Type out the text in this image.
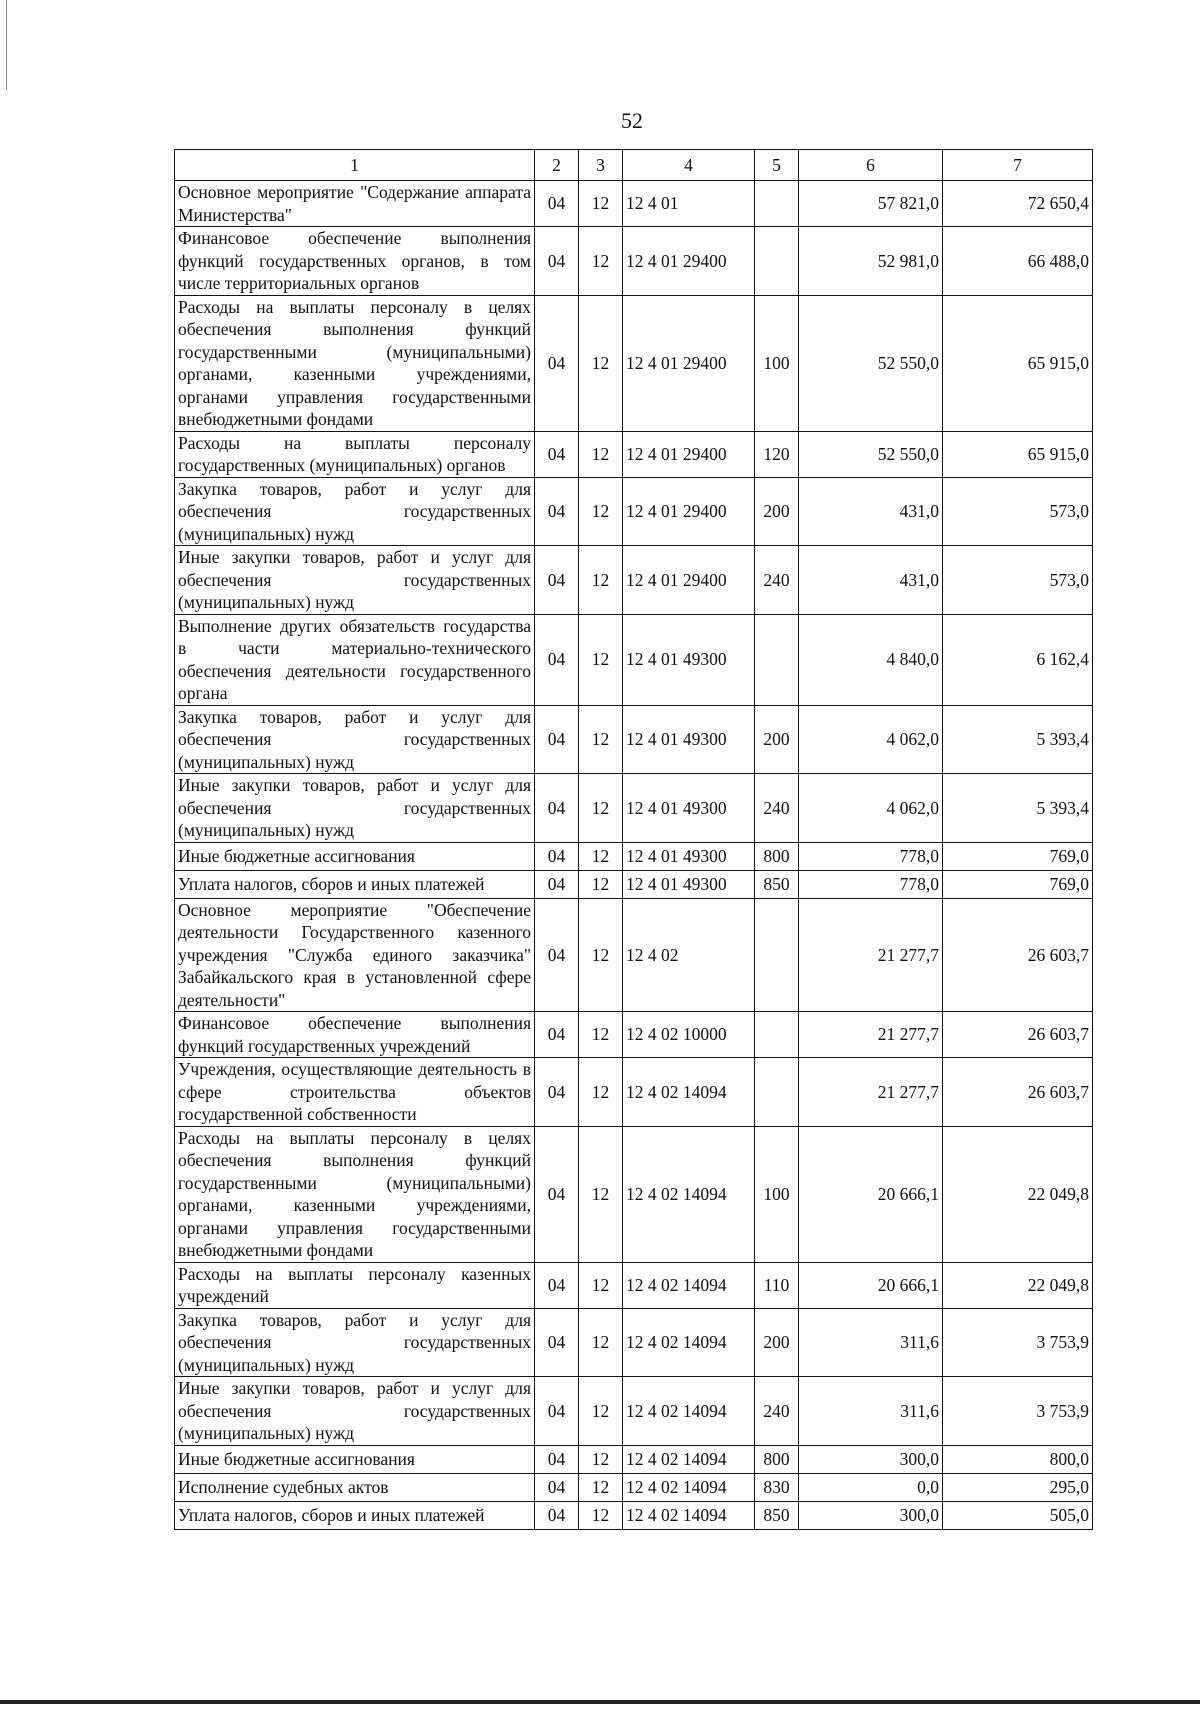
52
1	2	3	4	5	6	7
Основное мероприятие "Содержание аппарата Министерства"	04	12	12 4 01		57 821,0	72 650,4
Финансовое обеспечение выполнения функций государственных органов, в том числе территориальных органов	04	12	12 4 01 29400		52 981,0	66 488,0
Расходы на выплаты персоналу в целях обеспечения выполнения функций государственными (муниципальными) органами, казенными учреждениями, органами управления государственными внебюджетными фондами	04	12	12 4 01 29400	100	52 550,0	65 915,0
Расходы на выплаты персоналу государственных (муниципальных) органов	04	12	12 4 01 29400	120	52 550,0	65 915,0
Закупка товаров, работ и услуг для обеспечения государственных (муниципальных) нужд	04	12	12 4 01 29400	200	431,0	573,0
Иные закупки товаров, работ и услуг для обеспечения государственных (муниципальных) нужд	04	12	12 4 01 29400	240	431,0	573,0
Выполнение других обязательств государства в части материально-технического обеспечения деятельности государственного органа	04	12	12 4 01 49300		4 840,0	6 162,4
Закупка товаров, работ и услуг для обеспечения государственных (муниципальных) нужд	04	12	12 4 01 49300	200	4 062,0	5 393,4
Иные закупки товаров, работ и услуг для обеспечения государственных (муниципальных) нужд	04	12	12 4 01 49300	240	4 062,0	5 393,4
Иные бюджетные ассигнования	04	12	12 4 01 49300	800	778,0	769,0
Уплата налогов, сборов и иных платежей	04	12	12 4 01 49300	850	778,0	769,0
Основное мероприятие "Обеспечение деятельности Государственного казенного учреждения "Служба единого заказчика" Забайкальского края в установленной сфере деятельности"	04	12	12 4 02		21 277,7	26 603,7
Финансовое обеспечение выполнения функций государственных учреждений	04	12	12 4 02 10000		21 277,7	26 603,7
Учреждения, осуществляющие деятельность в сфере строительства объектов государственной собственности	04	12	12 4 02 14094		21 277,7	26 603,7
Расходы на выплаты персоналу в целях обеспечения выполнения функций государственными (муниципальными) органами, казенными учреждениями, органами управления государственными внебюджетными фондами	04	12	12 4 02 14094	100	20 666,1	22 049,8
Расходы на выплаты персоналу казенных учреждений	04	12	12 4 02 14094	110	20 666,1	22 049,8
Закупка товаров, работ и услуг для обеспечения государственных (муниципальных) нужд	04	12	12 4 02 14094	200	311,6	3 753,9
Иные закупки товаров, работ и услуг для обеспечения государственных (муниципальных) нужд	04	12	12 4 02 14094	240	311,6	3 753,9
Иные бюджетные ассигнования	04	12	12 4 02 14094	800	300,0	800,0
Исполнение судебных актов	04	12	12 4 02 14094	830	0,0	295,0
Уплата налогов, сборов и иных платежей	04	12	12 4 02 14094	850	300,0	505,0
